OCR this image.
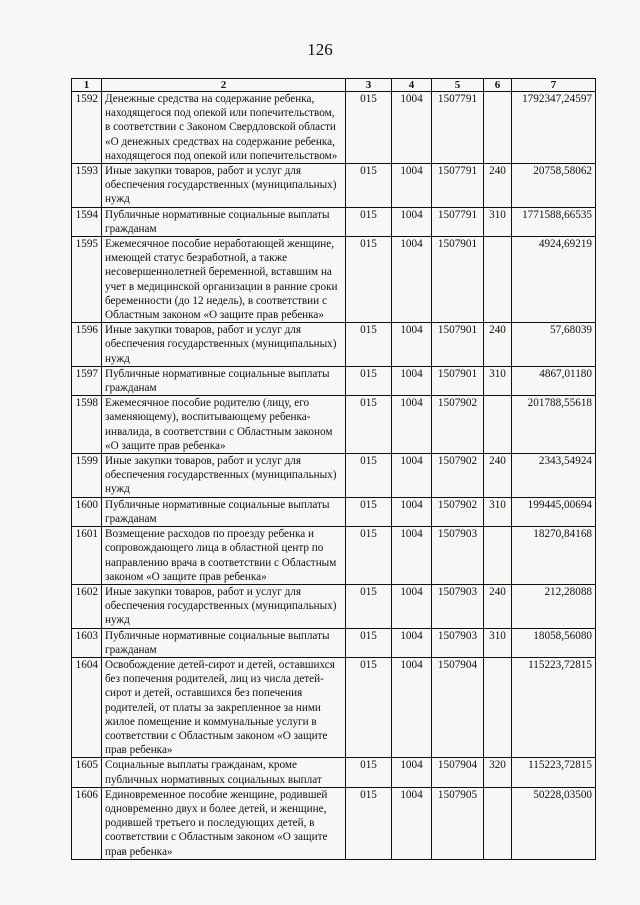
126
1	2	3	4	5	6	7
1592	Денежные средства на содержание ребенка, находящегося под опекой или попечительством, в соответствии с Законом Свердловской области «О денежных средствах на содержание ребенка, находящегося под опекой или попечительством»	015	1004	1507791		1792347,24597
1593	Иные закупки товаров, работ и услуг для обеспечения государственных (муниципальных) нужд	015	1004	1507791	240	20758,58062
1594	Публичные нормативные социальные выплаты гражданам	015	1004	1507791	310	1771588,66535
1595	Ежемесячное пособие неработающей женщине, имеющей статус безработной, а также несовершеннолетней беременной, вставшим на учет в медицинской организации в ранние сроки беременности (до 12 недель), в соответствии с Областным законом «О защите прав ребенка»	015	1004	1507901		4924,69219
1596	Иные закупки товаров, работ и услуг для обеспечения государственных (муниципальных) нужд	015	1004	1507901	240	57,68039
1597	Публичные нормативные социальные выплаты гражданам	015	1004	1507901	310	4867,01180
1598	Ежемесячное пособие родителю (лицу, его заменяющему), воспитывающему ребенка-инвалида, в соответствии с Областным законом «О защите прав ребенка»	015	1004	1507902		201788,55618
1599	Иные закупки товаров, работ и услуг для обеспечения государственных (муниципальных) нужд	015	1004	1507902	240	2343,54924
1600	Публичные нормативные социальные выплаты гражданам	015	1004	1507902	310	199445,00694
1601	Возмещение расходов по проезду ребенка и сопровождающего лица в областной центр по направлению врача в соответствии с Областным законом «О защите прав ребенка»	015	1004	1507903		18270,84168
1602	Иные закупки товаров, работ и услуг для обеспечения государственных (муниципальных) нужд	015	1004	1507903	240	212,28088
1603	Публичные нормативные социальные выплаты гражданам	015	1004	1507903	310	18058,56080
1604	Освобождение детей-сирот и детей, оставшихся без попечения родителей, лиц из числа детей-сирот и детей, оставшихся без попечения родителей, от платы за закрепленное за ними жилое помещение и коммунальные услуги в соответствии с Областным законом «О защите прав ребенка»	015	1004	1507904		115223,72815
1605	Социальные выплаты гражданам, кроме публичных нормативных социальных выплат	015	1004	1507904	320	115223,72815
1606	Единовременное пособие женщине, родившей одновременно двух и более детей, и женщине, родившей третьего и последующих детей, в соответствии с Областным законом «О защите прав ребенка»	015	1004	1507905		50228,03500
